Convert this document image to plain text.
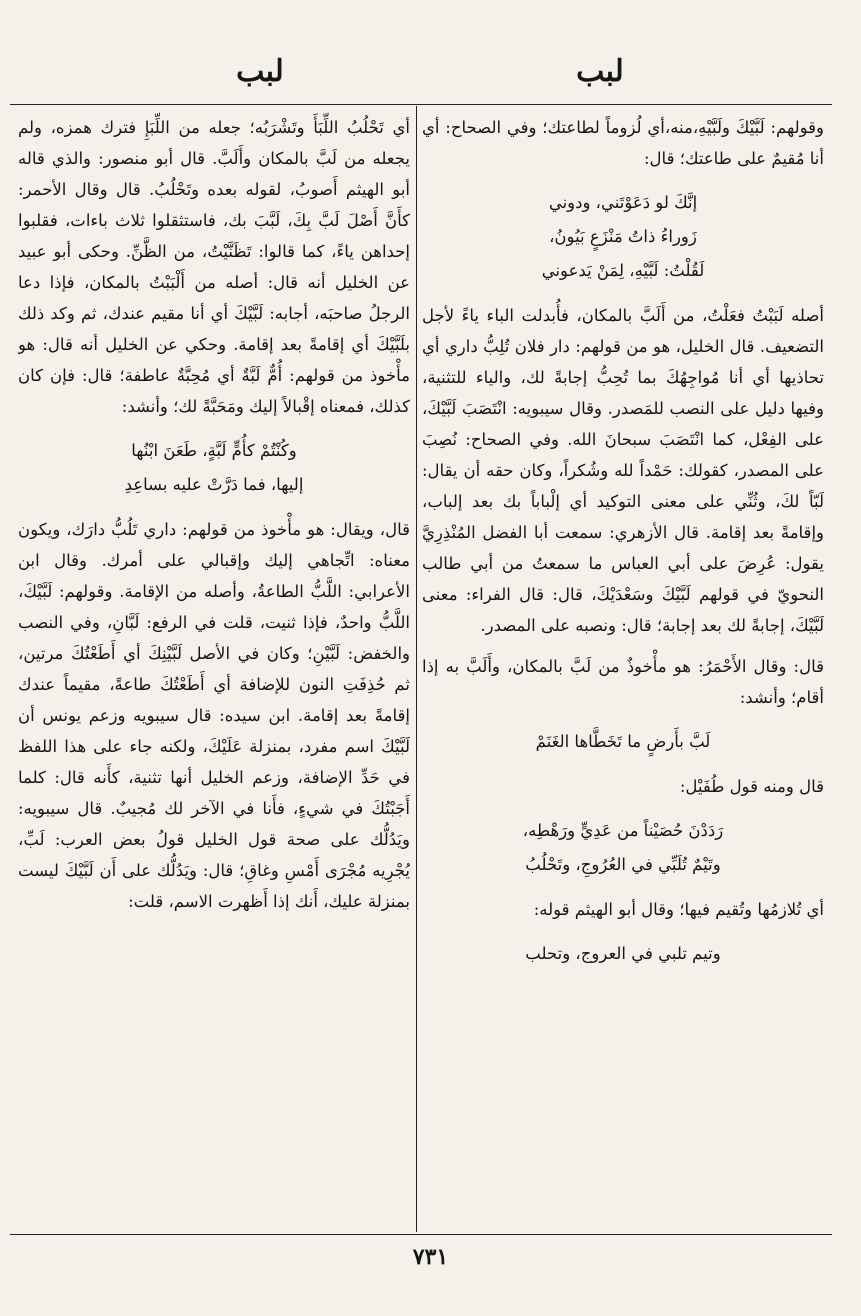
لبب
لبب

وقولهم: لَبَّيْكَ ولَبَّيْهِ،منه،أي لُزوماً لطاعتك؛ وفي الصحاح: أي أنا مُقيمٌ على طاعتك؛ قال:

إنَّكَ لو دَعَوْتَني، ودوني
زَوراءُ ذاتُ مَنْزَعٍ بَيُونُ،
لَقُلْتُ: لَبَّيْهِ، لِمَنْ يَدعوني

أصله لَبَبْتُ فعَلْتُ، من أَلَبَّ بالمكان، فأُبدلت الباء ياءً لأجل التضعيف. قال الخليل، هو من قولهم: دار فلان تُلِبُّ داري أي تحاذيها أي أنا مُواجِهُكَ بما تُحِبُّ إجابةً لك، والياء للتثنية، وفيها دليل على النصب للمَصدر. وقال سيبويه: انْتَصَبَ لَبَّيْكَ، على الفِعْل، كما انْتَصَبَ سبحانَ الله. وفي الصحاح: نُصِبَ على المصدر، كقولك: حَمْداً لله وشُكراً، وكان حقه أن يقال: لَبّاً لكَ، وثُنِّي على معنى التوكيد أي إلْباباً بك بعد إلباب، وإقامةً بعد إقامة. قال الأزهري: سمعت أبا الفضل المُنْذِرِيَّ يقول: عُرِضَ على أبي العباس ما سمعتُ من أبي طالب النحويّ في قولهم لَبَّيْكَ وسَعْدَيْكَ، قال: قال الفراء: معنى لَبَّيْكَ، إجابةً لك بعد إجابة؛ قال: ونصبه على المصدر.

قال: وقال الأَحْمَرُ: هو مأْخوذٌ من لَبَّ بالمكان، وأَلَبَّ به إذا أقام؛ وأنشد:

لَبَّ بأَرضٍ ما تَخَطَّاها الغَنَمْ

قال ومنه قول طُفَيْل:

رَدَدْنَ حُصَيْناً من عَدِيٍّ ورَهْطِه،
وتَيْمٌ تُلَبِّي في العُرُوجِ، وتَحْلُبُ

أي تُلازمُها وتُقيم فيها؛ وقال أبو الهيثم قوله:

وتيم تلبي في العروج، وتحلب

أي تَحْلُبُ اللِّبَأَ وتَشْرَبُه؛ جعله من اللِّبَإِ فترك همزه، ولم يجعله من لَبَّ بالمكان وأَلَبَّ. قال أبو منصور: والذي قاله أبو الهيثم أَصوبُ، لقوله بعده وتَحْلُبُ. قال وقال الأحمر: كأَنَّ أَصْلَ لَبَّ بِكَ، لَبَّبَ بك، فاستثقلوا ثلاث باءات، فقلبوا إحداهن ياءً، كما قالوا: تَظَنَّيْتُ، من الظَّنِّ. وحكى أبو عبيد عن الخليل أنه قال: أصله من أَلْبَبْتُ بالمكان، فإذا دعا الرجلُ صاحبَه، أجابه: لَبَّيْكَ أي أنا مقيم عندك، ثم وكد ذلك بلَبَّيْكَ أي إقامةً بعد إقامة. وحكي عن الخليل أنه قال: هو مأْخوذ من قولهم: أُمٌّ لَبَّةٌ أي مُحِبَّةٌ عاطفة؛ قال: فإن كان كذلك، فمعناه إقْبالاً إليك ومَحَبَّةً لك؛ وأنشد:

وكُنْتُمْ كأُمٍّ لَبَّةٍ، طَعَنَ ابْنُها
إليها، فما دَرَّتْ عليه بساعِدِ

قال، ويقال: هو مأْخوذ من قولهم: داري تَلُبُّ دارَك، ويكون معناه: اتِّجاهي إليك وإقبالي على أمرك. وقال ابن الأعرابي: اللَّبُّ الطاعةُ، وأصله من الإقامة. وقولهم: لَبَّيْكَ، اللَّبُّ واحدٌ، فإذا ثنيت، قلت في الرفع: لَبَّانِ، وفي النصب والخفض: لَبَّيْنِ؛ وكان في الأصل لَبَّيْنِكَ أي أَطَعْتُكَ مرتين، ثم حُذِفَتِ النون للإضافة أي أَطَعْتُكَ طاعةً، مقيماً عندك إقامةً بعد إقامة. ابن سيده: قال سيبويه وزعم يونس أن لَبَّيْكَ اسم مفرد، بمنزلة عَلَيْكَ، ولكنه جاء على هذا اللفظ في حَدِّ الإضافة، وزعم الخليل أنها تثنية، كأَنه قال: كلما أَجَبْتُكَ في شيءٍ، فأَنا في الآخر لك مُجيبٌ. قال سيبويه: ويَدُلُّك على صحة قول الخليل قولُ بعض العرب: لَبِّ، يُجْرِيه مُجْرَى أَمْسِ وغاقِ؛ قال: ويَدُلُّك على أَن لَبَّيْكَ ليست بمنزلة عليك، أَنك إذا أَظهرت الاسم، قلت:

٧٣١
